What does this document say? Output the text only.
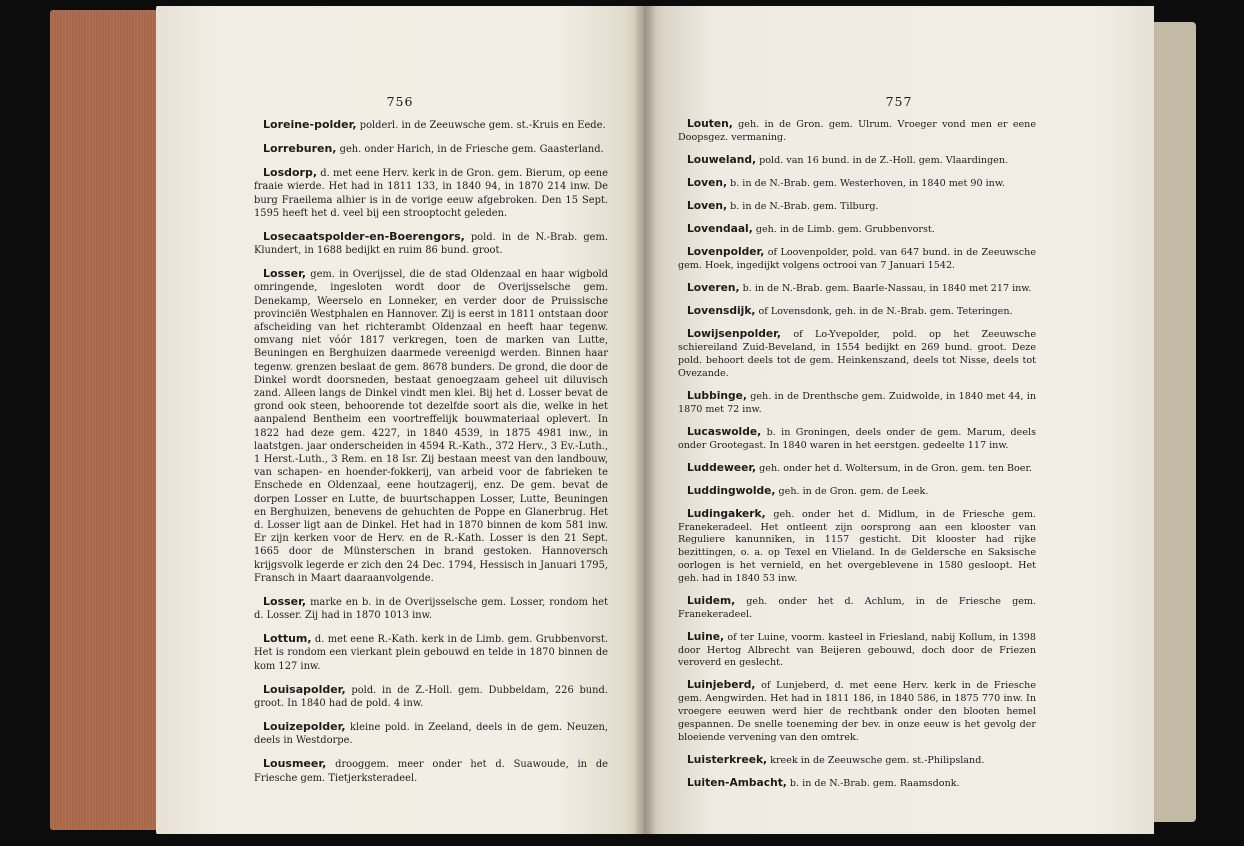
756

Loreine-polder, polderl. in de Zeeuwsche gem. st.-Kruis en Eede.

Lorreburen, geh. onder Harich, in de Friesche gem. Gaasterland.

Losdorp, d. met eene Herv. kerk in de Gron. gem. Bierum, op eene fraaie wierde. Het had in 1811 133, in 1840 94, in 1870 214 inw. De burg Fraeilema alhier is in de vorige eeuw afgebroken. Den 15 Sept. 1595 heeft het d. veel bij een strooptocht geleden.

Losecaatspolder-en-Boerengors, pold. in de N.-Brab. gem. Klundert, in 1688 bedijkt en ruim 86 bund. groot.

Losser, gem. in Overijssel, die de stad Oldenzaal en haar wigbold omringende, ingesloten wordt door de Overijsselsche gem. Denekamp, Weerselo en Lonneker, en verder door de Pruissische provinciën Westphalen en Hannover. Zij is eerst in 1811 ontstaan door afscheiding van het richterambt Oldenzaal en heeft haar tegenw. omvang niet vóór 1817 verkregen, toen de marken van Lutte, Beuningen en Berghuizen daarmede vereenigd werden. Binnen haar tegenw. grenzen beslaat de gem. 8678 bunders. De grond, die door de Dinkel wordt doorsneden, bestaat genoegzaam geheel uit diluvisch zand. Alleen langs de Dinkel vindt men klei. Bij het d. Losser bevat de grond ook steen, behoorende tot dezelfde soort als die, welke in het aanpalend Bentheim een voortreffelijk bouwmateriaal oplevert. In 1822 had deze gem. 4227, in 1840 4539, in 1875 4981 inw., in laatstgen. jaar onderscheiden in 4594 R.-Kath., 372 Herv., 3 Ev.-Luth., 1 Herst.-Luth., 3 Rem. en 18 Isr. Zij bestaan meest van den landbouw, van schapen- en hoender-fokkerij, van arbeid voor de fabrieken te Enschede en Oldenzaal, eene houtzagerij, enz. De gem. bevat de dorpen Losser en Lutte, de buurtschappen Losser, Lutte, Beuningen en Berghuizen, benevens de gehuchten de Poppe en Glanerbrug. Het d. Losser ligt aan de Dinkel. Het had in 1870 binnen de kom 581 inw. Er zijn kerken voor de Herv. en de R.-Kath. Losser is den 21 Sept. 1665 door de Münsterschen in brand gestoken. Hannoversch krijgsvolk legerde er zich den 24 Dec. 1794, Hessisch in Januari 1795, Fransch in Maart daaraanvolgende.

Losser, marke en b. in de Overijsselsche gem. Losser, rondom het d. Losser. Zij had in 1870 1013 inw.

Lottum, d. met eene R.-Kath. kerk in de Limb. gem. Grubbenvorst. Het is rondom een vierkant plein gebouwd en telde in 1870 binnen de kom 127 inw.

Louisapolder, pold. in de Z.-Holl. gem. Dubbeldam, 226 bund. groot. In 1840 had de pold. 4 inw.

Louizepolder, kleine pold. in Zeeland, deels in de gem. Neuzen, deels in Westdorpe.

Lousmeer, drooggem. meer onder het d. Suawoude, in de Friesche gem. Tietjerksteradeel.

757

Louten, geh. in de Gron. gem. Ulrum. Vroeger vond men er eene Doopsgez. vermaning.

Louweland, pold. van 16 bund. in de Z.-Holl. gem. Vlaardingen.

Loven, b. in de N.-Brab. gem. Westerhoven, in 1840 met 90 inw.

Loven, b. in de N.-Brab. gem. Tilburg.

Lovendaal, geh. in de Limb. gem. Grubbenvorst.

Lovenpolder, of Loovenpolder, pold. van 647 bund. in de Zeeuwsche gem. Hoek, ingedijkt volgens octrooi van 7 Januari 1542.

Loveren, b. in de N.-Brab. gem. Baarle-Nassau, in 1840 met 217 inw.

Lovensdijk, of Lovensdonk, geh. in de N.-Brab. gem. Teteringen.

Lowijsenpolder, of Lo-Yvepolder, pold. op het Zeeuwsche schiereiland Zuid-Beveland, in 1554 bedijkt en 269 bund. groot. Deze pold. behoort deels tot de gem. Heinkenszand, deels tot Nisse, deels tot Ovezande.

Lubbinge, geh. in de Drenthsche gem. Zuidwolde, in 1840 met 44, in 1870 met 72 inw.

Lucaswolde, b. in Groningen, deels onder de gem. Marum, deels onder Grootegast. In 1840 waren in het eerstgen. gedeelte 117 inw.

Luddeweer, geh. onder het d. Woltersum, in de Gron. gem. ten Boer.

Luddingwolde, geh. in de Gron. gem. de Leek.

Ludingakerk, geh. onder het d. Midlum, in de Friesche gem. Franekeradeel. Het ontleent zijn oorsprong aan een klooster van Reguliere kanunniken, in 1157 gesticht. Dit klooster had rijke bezittingen, o. a. op Texel en Vlieland. In de Geldersche en Saksische oorlogen is het vernield, en het overgeblevene in 1580 gesloopt. Het geh. had in 1840 53 inw.

Luidem, geh. onder het d. Achlum, in de Friesche gem. Franekeradeel.

Luine, of ter Luine, voorm. kasteel in Friesland, nabij Kollum, in 1398 door Hertog Albrecht van Beijeren gebouwd, doch door de Friezen veroverd en geslecht.

Luinjeberd, of Lunjeberd, d. met eene Herv. kerk in de Friesche gem. Aengwirden. Het had in 1811 186, in 1840 586, in 1875 770 inw. In vroegere eeuwen werd hier de rechtbank onder den blooten hemel gespannen. De snelle toeneming der bev. in onze eeuw is het gevolg der bloeiende vervening van den omtrek.

Luisterkreek, kreek in de Zeeuwsche gem. st.-Philipsland.

Luiten-Ambacht, b. in de N.-Brab. gem. Raamsdonk.
